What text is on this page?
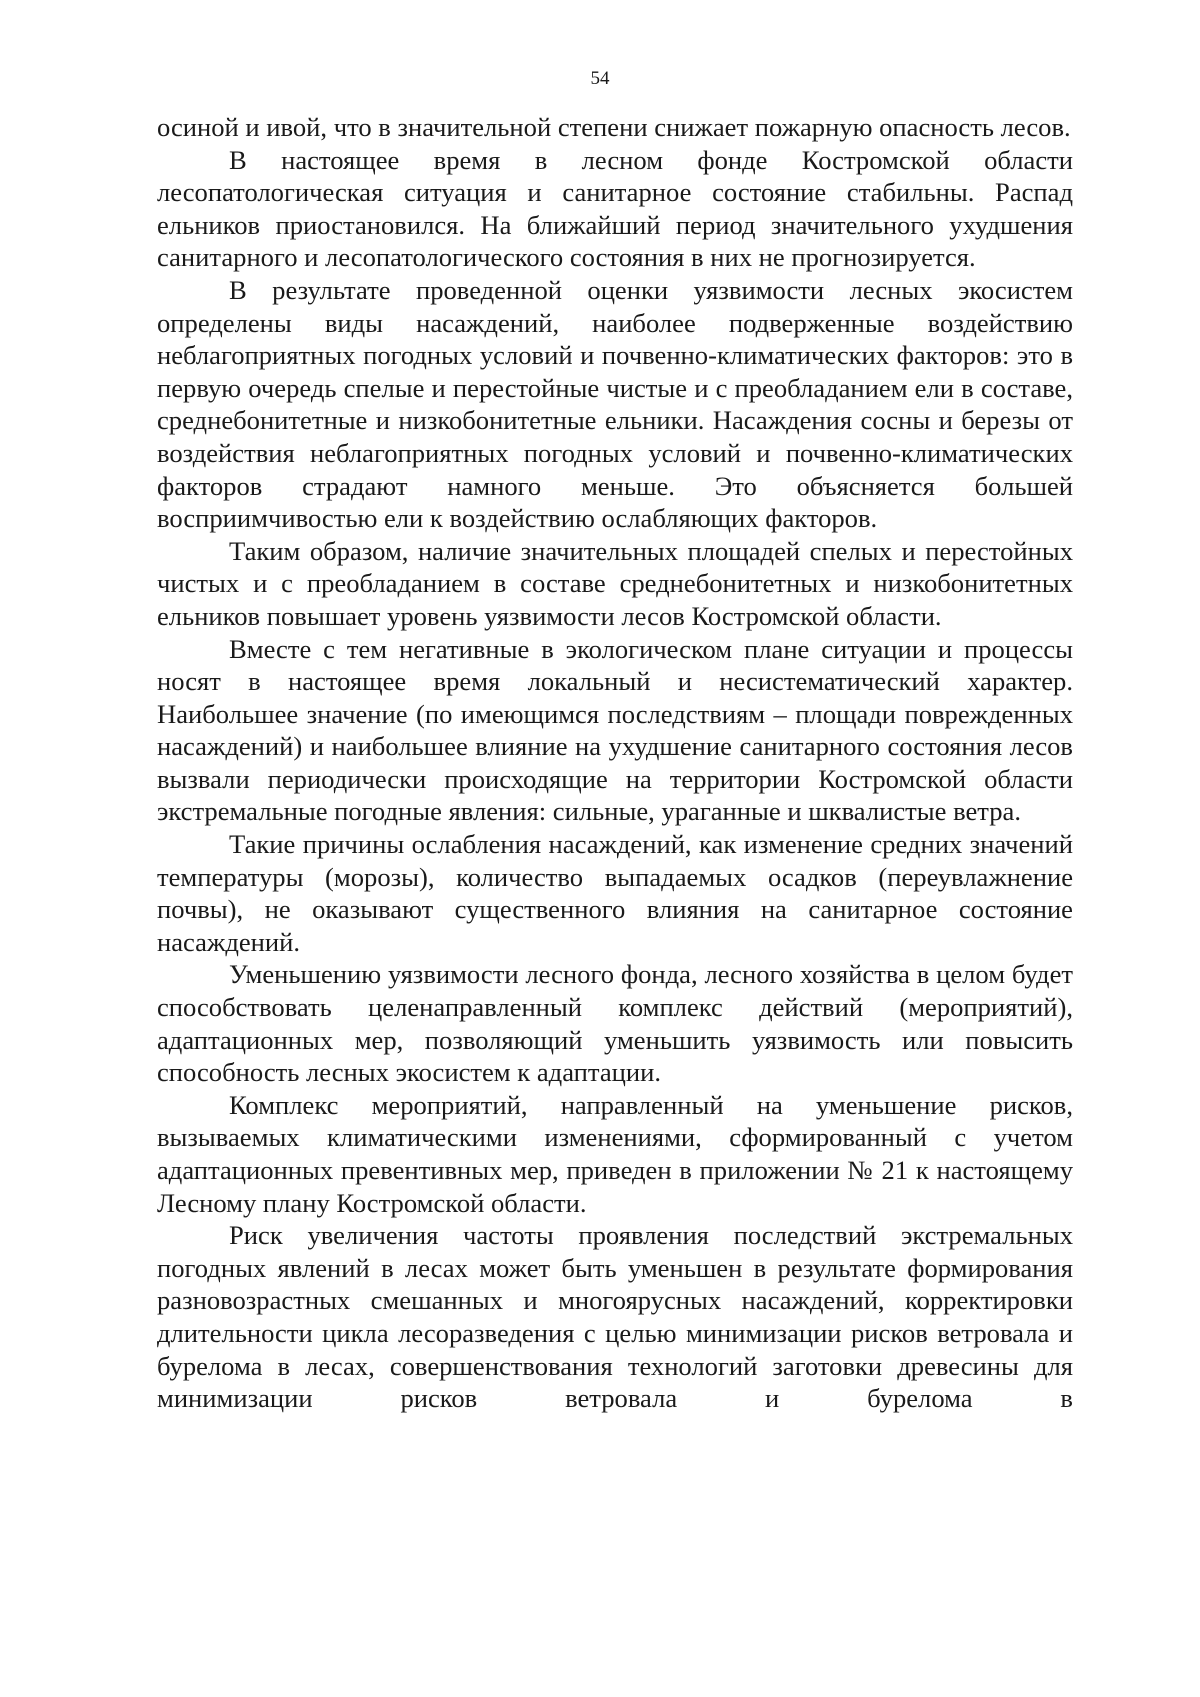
54

осиной и ивой, что в значительной степени снижает пожарную опасность лесов.

В настоящее время в лесном фонде Костромской области лесопатологическая ситуация и санитарное состояние стабильны. Распад ельников приостановился. На ближайший период значительного ухудшения санитарного и лесопатологического состояния в них не прогнозируется.

В результате проведенной оценки уязвимости лесных экосистем определены виды насаждений, наиболее подверженные воздействию неблагоприятных погодных условий и почвенно-климатических факторов: это в первую очередь спелые и перестойные чистые и с преобладанием ели в составе, среднебонитетные и низкобонитетные ельники. Насаждения сосны и березы от воздействия неблагоприятных погодных условий и почвенно-климатических факторов страдают намного меньше. Это объясняется большей восприимчивостью ели к воздействию ослабляющих факторов.

Таким образом, наличие значительных площадей спелых и перестойных чистых и с преобладанием в составе среднебонитетных и низкобонитетных ельников повышает уровень уязвимости лесов Костромской области.

Вместе с тем негативные в экологическом плане ситуации и процессы носят в настоящее время локальный и несистематический характер. Наибольшее значение (по имеющимся последствиям – площади поврежденных насаждений) и наибольшее влияние на ухудшение санитарного состояния лесов вызвали периодически происходящие на территории Костромской области экстремальные погодные явления: сильные, ураганные и шквалистые ветра.

Такие причины ослабления насаждений, как изменение средних значений температуры (морозы), количество выпадаемых осадков (переувлажнение почвы), не оказывают существенного влияния на санитарное состояние насаждений.

Уменьшению уязвимости лесного фонда, лесного хозяйства в целом будет способствовать целенаправленный комплекс действий (мероприятий), адаптационных мер, позволяющий уменьшить уязвимость или повысить способность лесных экосистем к адаптации.

Комплекс мероприятий, направленный на уменьшение рисков, вызываемых климатическими изменениями, сформированный с учетом адаптационных превентивных мер, приведен в приложении № 21 к настоящему Лесному плану Костромской области.

Риск увеличения частоты проявления последствий экстремальных погодных явлений в лесах может быть уменьшен в результате формирования разновозрастных смешанных и многоярусных насаждений, корректировки длительности цикла лесоразведения с целью минимизации рисков ветровала и бурелома в лесах, совершенствования технологий заготовки древесины для минимизации рисков ветровала и бурелома в
